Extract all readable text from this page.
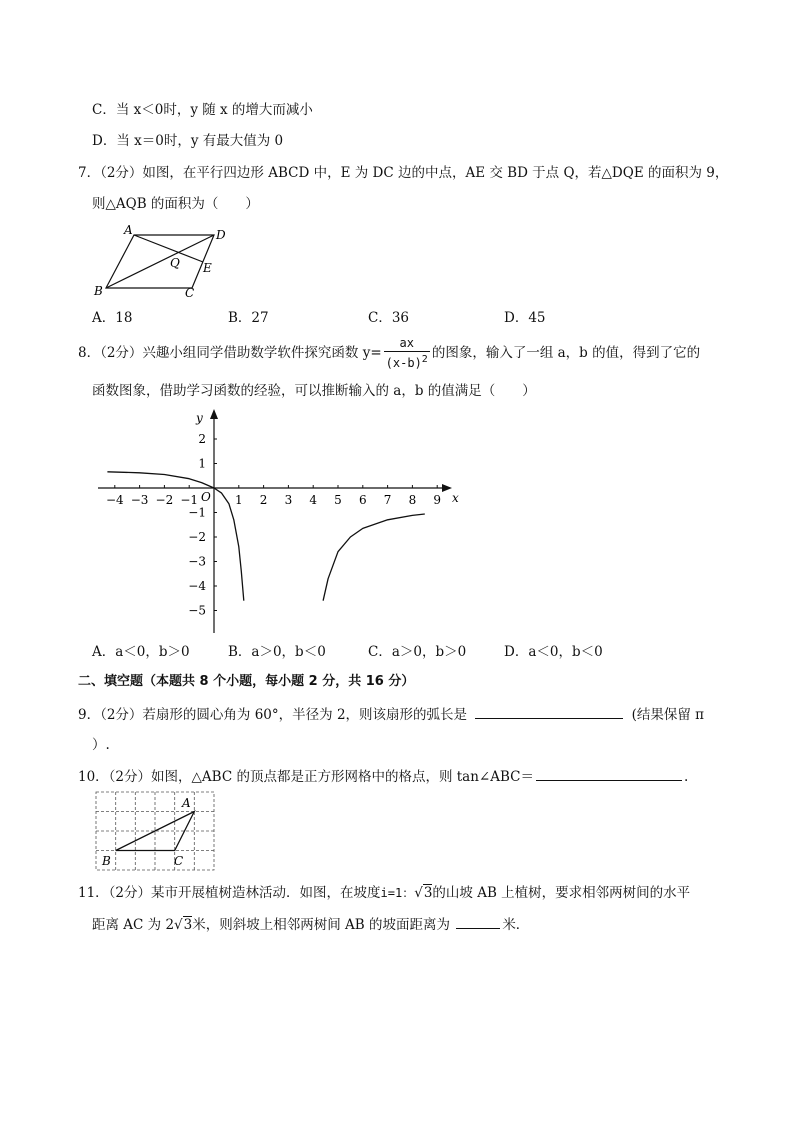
C．当 x＜0时，y 随 x 的增大而减小
D．当 x＝0时，y 有最大值为 0
7．（2分）如图，在平行四边形 ABCD 中，E 为 DC 边的中点，AE 交 BD 于点 Q，若△DQE 的面积为 9，
则△AQB 的面积为（　　）
A	D
Q E
B	C
A．18	B．27	C．36	D．45
8．（2分）兴趣小组同学借助数学软件探究函数 $y= \frac{ax}{(x-b)^2}$ 的图象，输入了一组 a，b 的值，得到了它的
函数图象，借助学习函数的经验，可以推断输入的 a，b 的值满足（　　）
x
y
O
−4 −3 −2 −1	1 2 3 4 5 6 7 8 9
2
1
−1
−2
−3
−4
−5
A．a＜0，b＞0	B．a＞0，b＜0	C．a＞0，b＞0	D．a＜0，b＜0
二、填空题（本题共 8 个小题，每小题 2 分，共 16 分）
9．（2分）若扇形的圆心角为 60°，半径为 2，则该扇形的弧长是	(结果保留 π
）.
10．（2分）如图，△ABC 的顶点都是正方形网格中的格点，则 tan∠ABC＝	.
A
B	C
11．（2分）某市开展植树造林活动．如图，在坡度i=1：√3的山坡 AB 上植树，要求相邻两树间的水平
距离 AC 为 2√3米，则斜坡上相邻两树间 AB 的坡面距离为	米．
